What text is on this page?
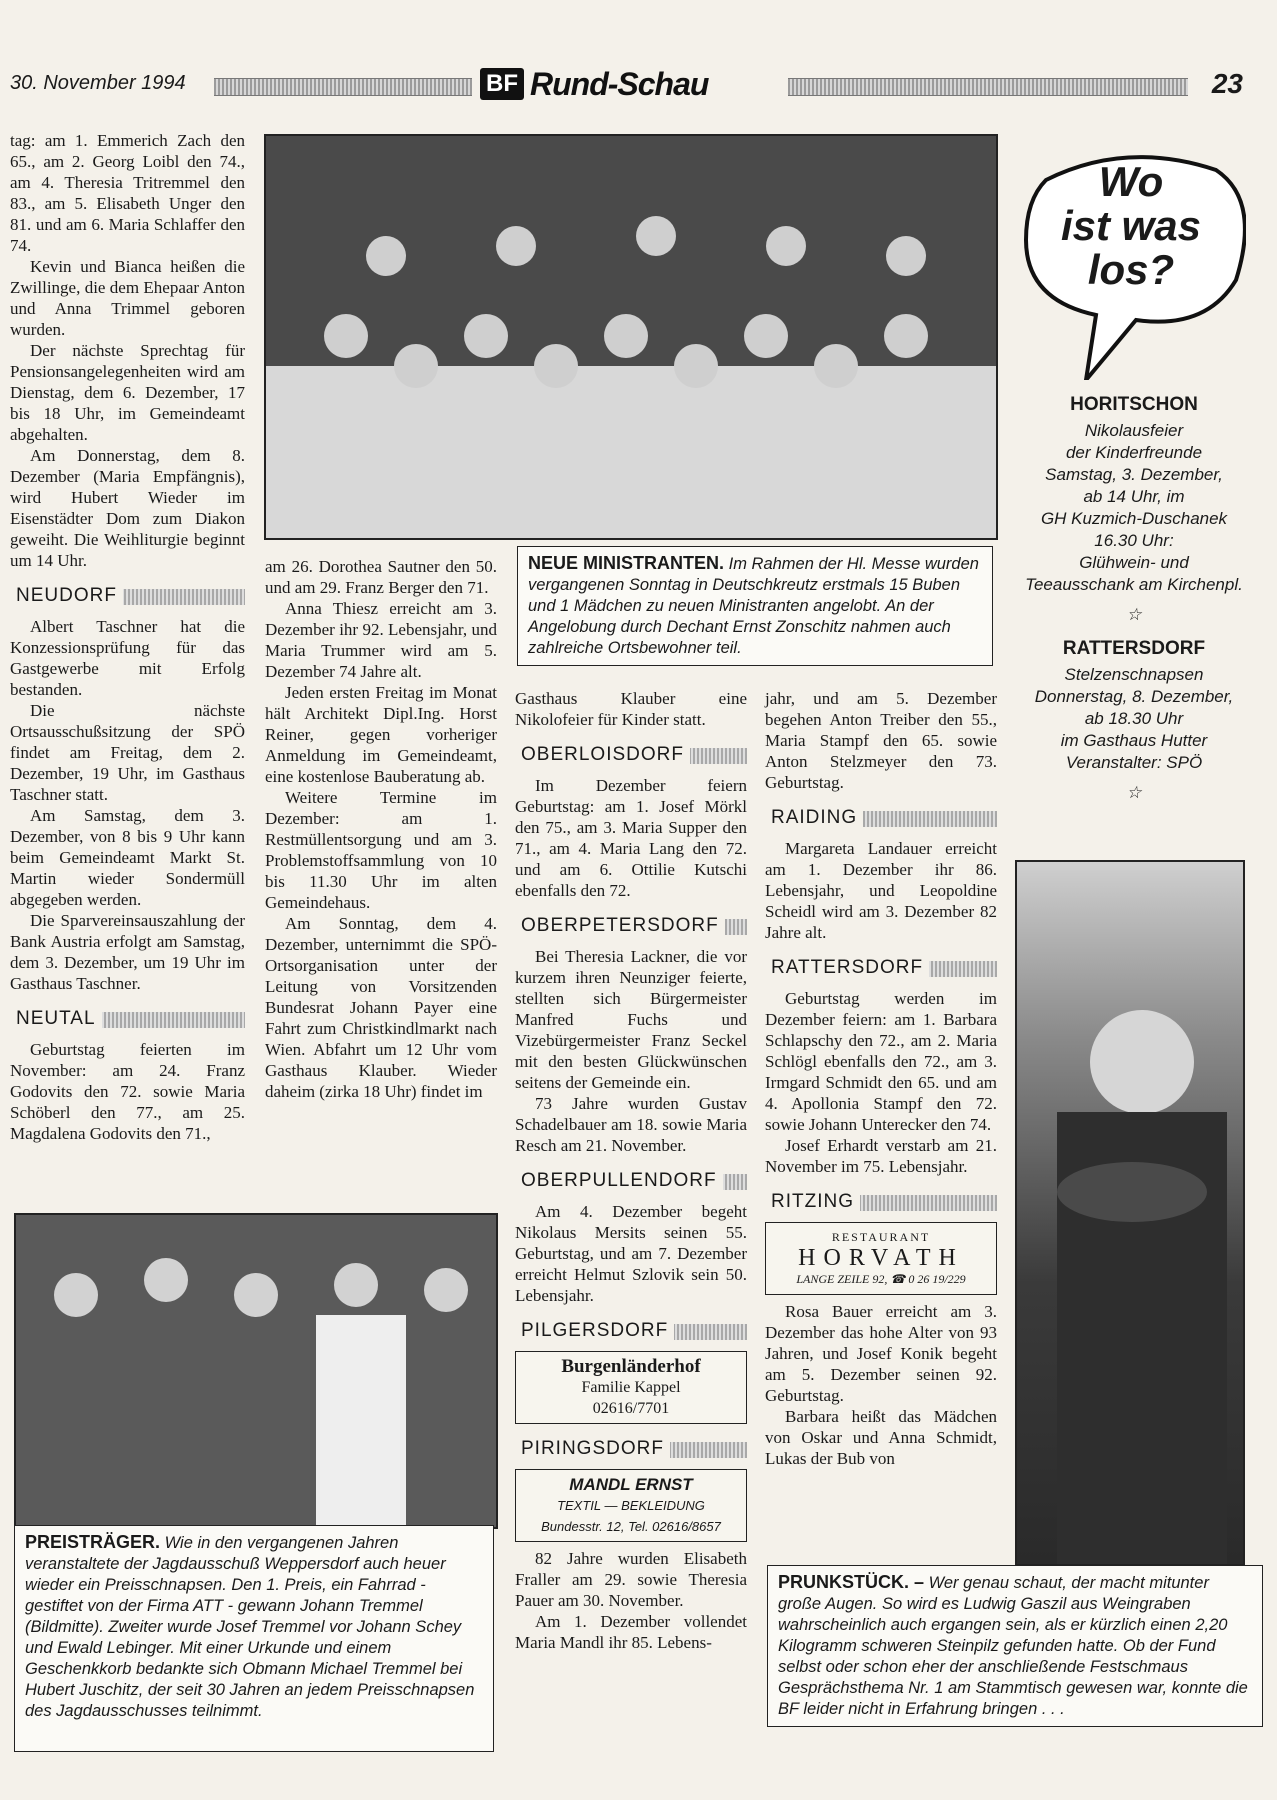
30. November 1994	BF Rund-Schau	23

tag: am 1. Emmerich Zach den 65., am 2. Georg Loibl den 74., am 4. Theresia Tritremmel den 83., am 5. Elisabeth Unger den 81. und am 6. Maria Schlaffer den 74.

Kevin und Bianca heißen die Zwillinge, die dem Ehepaar Anton und Anna Trimmel geboren wurden.

Der nächste Sprechtag für Pensionsangelegenheiten wird am Dienstag, dem 6. Dezember, 17 bis 18 Uhr, im Gemeindeamt abgehalten.

Am Donnerstag, dem 8. Dezember (Maria Empfängnis), wird Hubert Wieder im Eisenstädter Dom zum Diakon geweiht. Die Weihliturgie beginnt um 14 Uhr.

NEUDORF

Albert Taschner hat die Konzessionsprüfung für das Gastgewerbe mit Erfolg bestanden.

Die nächste Ortsausschußsitzung der SPÖ findet am Freitag, dem 2. Dezember, 19 Uhr, im Gasthaus Taschner statt.

Am Samstag, dem 3. Dezember, von 8 bis 9 Uhr kann beim Gemeindeamt Markt St. Martin wieder Sondermüll abgegeben werden.

Die Sparvereinsauszahlung der Bank Austria erfolgt am Samstag, dem 3. Dezember, um 19 Uhr im Gasthaus Taschner.

NEUTAL

Geburtstag feierten im November: am 24. Franz Godovits den 72. sowie Maria Schöberl den 77., am 25. Magdalena Godovits den 71.,

NEUE MINISTRANTEN. Im Rahmen der Hl. Messe wurden vergangenen Sonntag in Deutschkreutz erstmals 15 Buben und 1 Mädchen zu neuen Ministranten angelobt. An der Angelobung durch Dechant Ernst Zonschitz nahmen auch zahlreiche Ortsbewohner teil.

am 26. Dorothea Sautner den 50. und am 29. Franz Berger den 71.

Anna Thiesz erreicht am 3. Dezember ihr 92. Lebensjahr, und Maria Trummer wird am 5. Dezember 74 Jahre alt.

Jeden ersten Freitag im Monat hält Architekt Dipl.Ing. Horst Reiner, gegen vorheriger Anmeldung im Gemeindeamt, eine kostenlose Bauberatung ab.

Weitere Termine im Dezember: am 1. Restmüllentsorgung und am 3. Problemstoffsammlung von 10 bis 11.30 Uhr im alten Gemeindehaus.

Am Sonntag, dem 4. Dezember, unternimmt die SPÖ-Ortsorganisation unter der Leitung von Vorsitzenden Bundesrat Johann Payer eine Fahrt zum Christkindlmarkt nach Wien. Abfahrt um 12 Uhr vom Gasthaus Klauber. Wieder daheim (zirka 18 Uhr) findet im

Gasthaus Klauber eine Nikolofeier für Kinder statt.

OBERLOISDORF

Im Dezember feiern Geburtstag: am 1. Josef Mörkl den 75., am 3. Maria Supper den 71., am 4. Maria Lang den 72. und am 6. Ottilie Kutschi ebenfalls den 72.

OBERPETERSDORF

Bei Theresia Lackner, die vor kurzem ihren Neunziger feierte, stellten sich Bürgermeister Manfred Fuchs und Vizebürgermeister Franz Seckel mit den besten Glückwünschen seitens der Gemeinde ein.

73 Jahre wurden Gustav Schadelbauer am 18. sowie Maria Resch am 21. November.

OBERPULLENDORF

Am 4. Dezember begeht Nikolaus Mersits seinen 55. Geburtstag, und am 7. Dezember erreicht Helmut Szlovik sein 50. Lebensjahr.

PILGERSDORF
Burgenländerhof
Familie Kappel
02616/7701
PIRINGSDORF
MANDL ERNST
TEXTIL — BEKLEIDUNG
Bundesstr. 12, Tel. 02616/8657

82 Jahre wurden Elisabeth Fraller am 29. sowie Theresia Pauer am 30. November.

Am 1. Dezember vollendet Maria Mandl ihr 85. Lebens-

jahr, und am 5. Dezember begehen Anton Treiber den 55., Maria Stampf den 65. sowie Anton Stelzmeyer den 73. Geburtstag.

RAIDING

Margareta Landauer erreicht am 1. Dezember ihr 86. Lebensjahr, und Leopoldine Scheidl wird am 3. Dezember 82 Jahre alt.

RATTERSDORF

Geburtstag werden im Dezember feiern: am 1. Barbara Schlapschy den 72., am 2. Maria Schlögl ebenfalls den 72., am 3. Irmgard Schmidt den 65. und am 4. Apollonia Stampf den 72. sowie Johann Unterecker den 74.

Josef Erhardt verstarb am 21. November im 75. Lebensjahr.

RITZING
RESTAURANT
HORVATH
LANGE ZEILE 92, ☎ 0 26 19/229

Rosa Bauer erreicht am 3. Dezember das hohe Alter von 93 Jahren, und Josef Konik begeht am 5. Dezember seinen 92. Geburtstag.

Barbara heißt das Mädchen von Oskar und Anna Schmidt, Lukas der Bub von

Wo
ist was
los?
HORITSCHON
Nikolausfeier
der Kinderfreunde
Samstag, 3. Dezember,
ab 14 Uhr, im
GH Kuzmich-Duschanek
16.30 Uhr:
Glühwein- und
Teeausschank am Kirchenpl.
☆
RATTERSDORF
Stelzenschnapsen
Donnerstag, 8. Dezember,
ab 18.30 Uhr
im Gasthaus Hutter
Veranstalter: SPÖ
☆
PREISTRÄGER. Wie in den vergangenen Jahren veranstaltete der Jagdausschuß Weppersdorf auch heuer wieder ein Preisschnapsen. Den 1. Preis, ein Fahrrad - gestiftet von der Firma ATT - gewann Johann Tremmel (Bildmitte). Zweiter wurde Josef Tremmel vor Johann Schey und Ewald Lebinger. Mit einer Urkunde und einem Geschenkkorb bedankte sich Obmann Michael Tremmel bei Hubert Juschitz, der seit 30 Jahren an jedem Preisschnapsen des Jagdausschusses teilnimmt.
PRUNKSTÜCK. – Wer genau schaut, der macht mitunter große Augen. So wird es Ludwig Gaszil aus Weingraben wahrscheinlich auch ergangen sein, als er kürzlich einen 2,20 Kilogramm schweren Steinpilz gefunden hatte. Ob der Fund selbst oder schon eher der anschließende Festschmaus Gesprächsthema Nr. 1 am Stammtisch gewesen war, konnte die BF leider nicht in Erfahrung bringen . . .
